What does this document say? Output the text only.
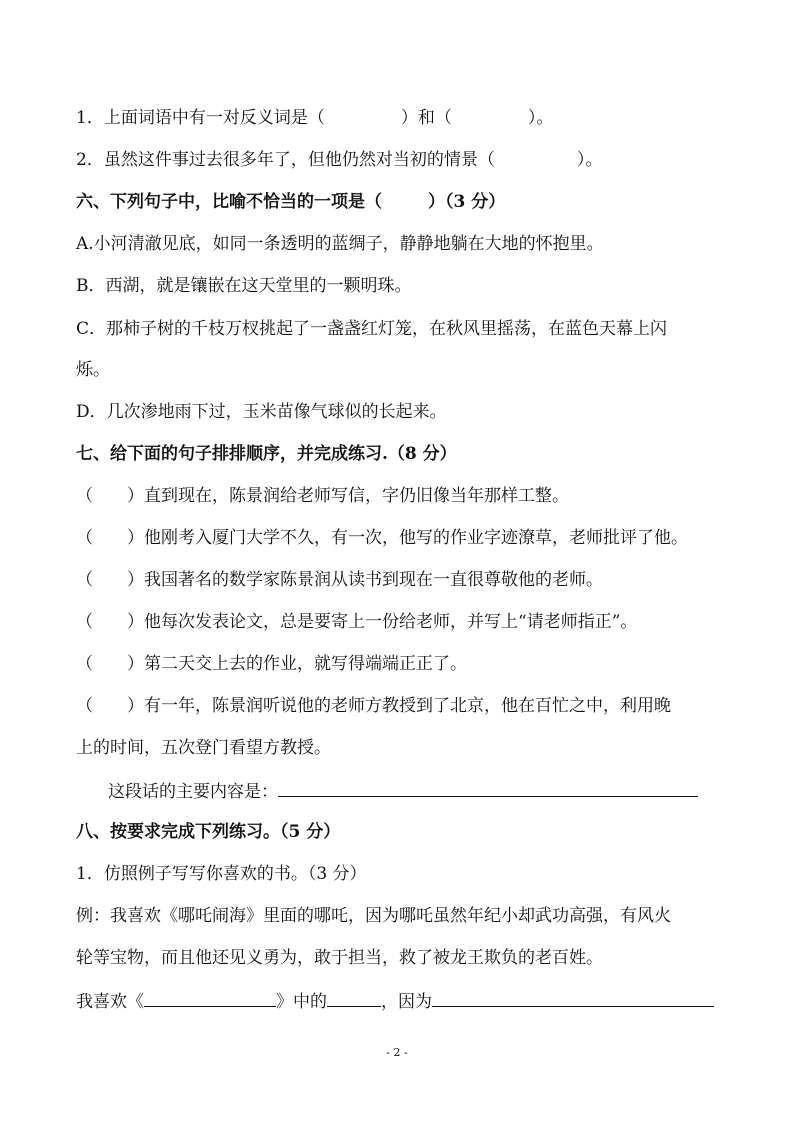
1．上面词语中有一对反义词是（	）和（	）。
2．虽然这件事过去很多年了，但他仍然对当初的情景（	）。
六、下列句子中，比喻不恰当的一项是（	）（3 分）
A.小河清澈见底，如同一条透明的蓝绸子，静静地躺在大地的怀抱里。
B．西湖，就是镶嵌在这天堂里的一颗明珠。
C．那柿子树的千枝万杈挑起了一盏盏红灯笼，在秋风里摇荡，在蓝色天幕上闪
烁。
D．几次渗地雨下过，玉米苗像气球似的长起来。
七、给下面的句子排排顺序，并完成练习.（8 分）
（　　）直到现在，陈景润给老师写信，字仍旧像当年那样工整。
（　　）他刚考入厦门大学不久，有一次，他写的作业字迹潦草，老师批评了他。
（　　）我国著名的数学家陈景润从读书到现在一直很尊敬他的老师。
（　　）他每次发表论文，总是要寄上一份给老师，并写上“请老师指正”。
（　　）第二天交上去的作业，就写得端端正正了。
（　　）有一年，陈景润听说他的老师方教授到了北京，他在百忙之中，利用晚
上的时间，五次登门看望方教授。
这段话的主要内容是：
八、按要求完成下列练习。（5 分）
1．仿照例子写写你喜欢的书。（3 分）
例：我喜欢《哪吒闹海》里面的哪吒，因为哪吒虽然年纪小却武功高强，有风火
轮等宝物，而且他还见义勇为，敢于担当，救了被龙王欺负的老百姓。
我喜欢《	》中的	，因为
- 2 -
